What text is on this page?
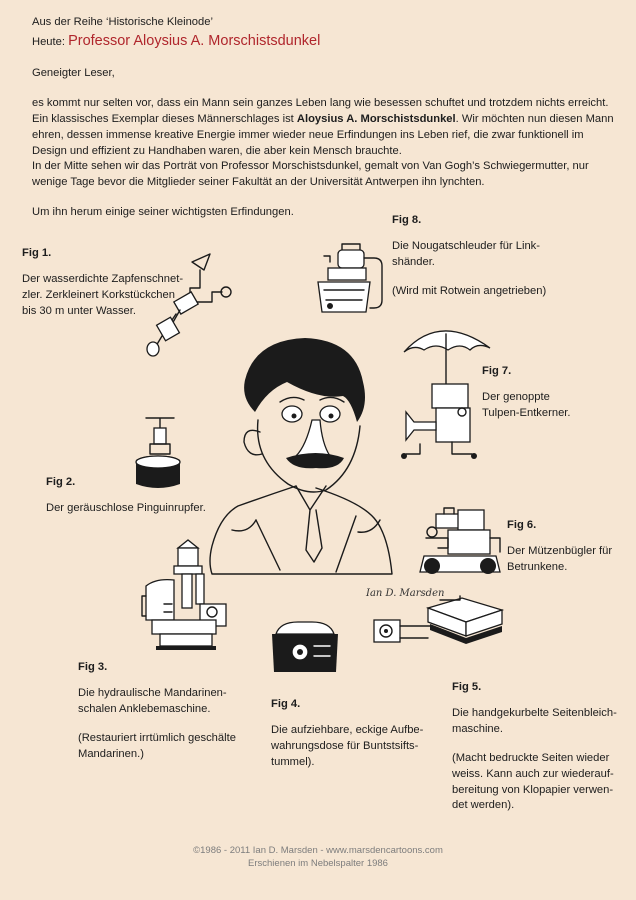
Aus der Reihe ‘Historische Kleinode’
Heute: Professor Aloysius A. Morschistsdunkel
Geneigter Leser,
es kommt nur selten vor, dass ein Mann sein ganzes Leben lang wie besessen schuftet und trotzdem nichts erreicht. Ein klassisches Exemplar dieses Männerschlages ist Aloysius A. Morschistsdunkel. Wir möchten nun diesen Mann ehren, dessen immense kreative Energie immer wieder neue Erfindungen ins Leben rief, die zwar funktionell im Design und effizient zu Handhaben waren, die aber kein Mensch brauchte.
In der Mitte sehen wir das Porträt von Professor Morschistsdunkel, gemalt von Van Gogh’s Schwiegermutter, nur wenige Tage bevor die Mitglieder seiner Fakultät an der Universität Antwerpen ihn lynchten.
Um ihn herum einige seiner wichtigsten Erfindungen.
Fig 1.
Der wasserdichte Zapfenschnet-
zler. Zerkleinert Korkstückchen
bis 30 m unter Wasser.
Fig 8.
Die Nougatschleuder für Link-
shänder.
(Wird mit Rotwein angetrieben)
Fig 7.
Der genoppte
Tulpen-Entkerner.
Fig 2.
Der geräuschlose Pinguinrupfer.
Fig 6.
Der Mützenbügler für
Betrunkene.
Fig 3.
Die hydraulische Mandarinen-
schalen Anklebemaschine.
(Restauriert irrtümlich geschälte
Mandarinen.)
Fig 4.
Die aufziehbare, eckige Aufbe-
wahrungsdose für Buntstsifts-
tummel).
Fig 5.
Die handgekurbelte Seitenbleich-
maschine.
(Macht bedruckte Seiten wieder
weiss. Kann auch zur wiederauf-
bereitung von Klopapier verwen-
det werden).
Ian D. Marsden
©1986 - 2011 Ian D. Marsden - www.marsdencartoons.com
Erschienen im Nebelspalter 1986
